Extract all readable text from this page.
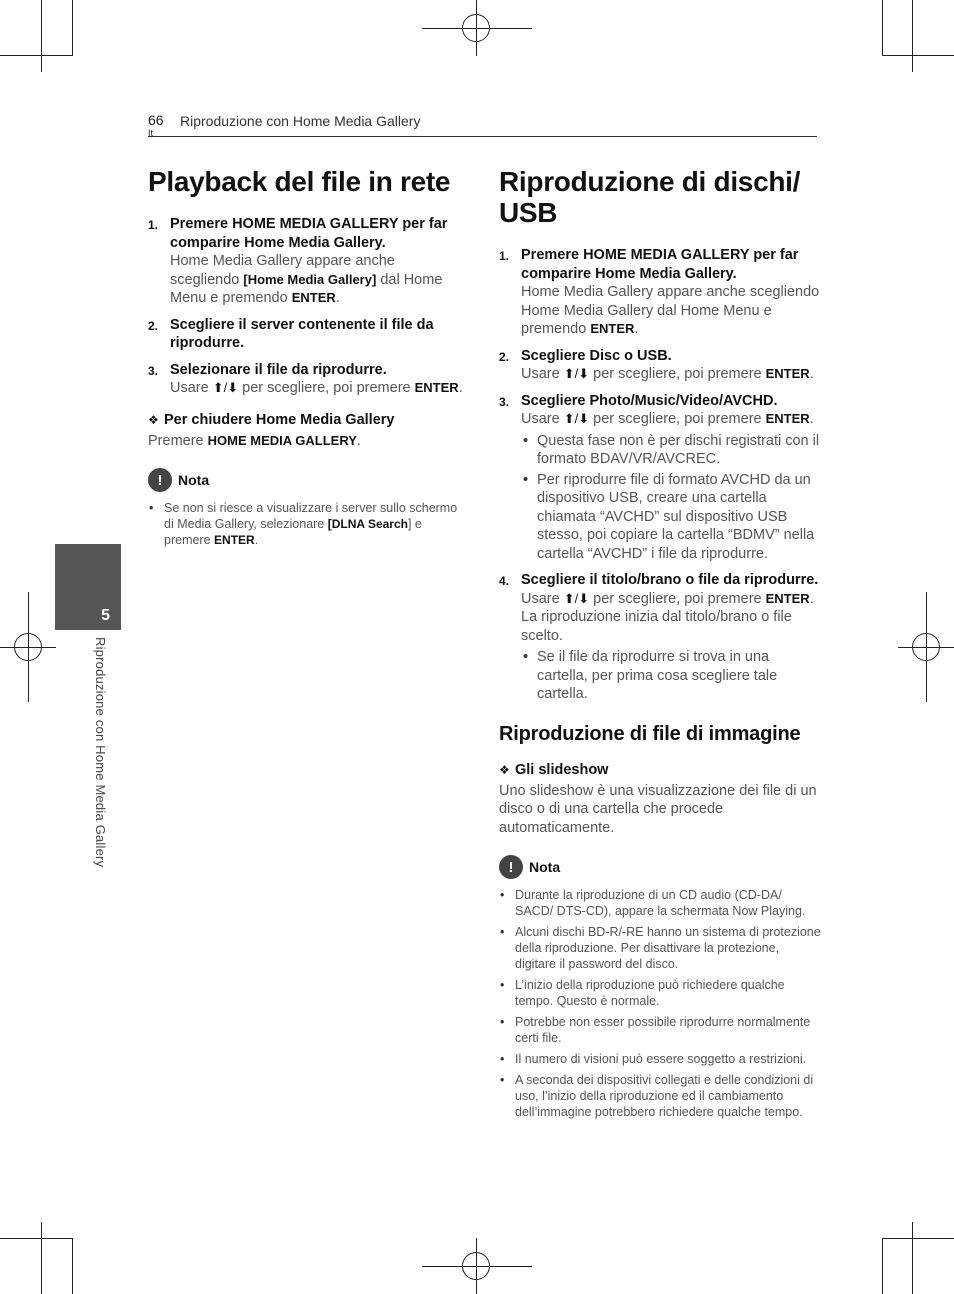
66
It
Riproduzione con Home Media Gallery
5
Riproduzione con Home Media Gallery
Playback del file in rete
1. Premere HOME MEDIA GALLERY per far comparire Home Media Gallery.
Home Media Gallery appare anche scegliendo [Home Media Gallery] dal Home Menu e premendo ENTER.
2. Scegliere il server contenente il file da riprodurre.
3. Selezionare il file da riprodurre.
Usare ⬆/⬇ per scegliere, poi premere ENTER.
❖ Per chiudere Home Media Gallery
Premere HOME MEDIA GALLERY.
!	Nota
• Se non si riesce a visualizzare i server sullo schermo di Media Gallery, selezionare [DLNA Search] e premere ENTER.
Riproduzione di dischi/ USB
1. Premere HOME MEDIA GALLERY per far comparire Home Media Gallery.
Home Media Gallery appare anche scegliendo Home Media Gallery dal Home Menu e premendo ENTER.
2. Scegliere Disc o USB.
Usare ⬆/⬇ per scegliere, poi premere ENTER.
3. Scegliere Photo/Music/Video/AVCHD.
Usare ⬆/⬇ per scegliere, poi premere ENTER.
• Questa fase non è per dischi registrati con il formato BDAV/VR/AVCREC.
• Per riprodurre file di formato AVCHD da un dispositivo USB, creare una cartella chiamata “AVCHD” sul dispositivo USB stesso, poi copiare la cartella “BDMV” nella cartella “AVCHD” i file da riprodurre.
4. Scegliere il titolo/brano o file da riprodurre.
Usare ⬆/⬇ per scegliere, poi premere ENTER.
La riproduzione inizia dal titolo/brano o file scelto.
• Se il file da riprodurre si trova in una cartella, per prima cosa scegliere tale cartella.
Riproduzione di file di immagine
❖ Gli slideshow
Uno slideshow è una visualizzazione dei file di un disco o di una cartella che procede automaticamente.
!	Nota
• Durante la riproduzione di un CD audio (CD-DA/ SACD/ DTS-CD), appare la schermata Now Playing.
• Alcuni dischi BD-R/-RE hanno un sistema di protezione della riproduzione. Per disattivare la protezione, digitare il password del disco.
• L’inizio della riproduzione può richiedere qualche tempo. Questo è normale.
• Potrebbe non esser possibile riprodurre normalmente certi file.
• Il numero di visioni può essere soggetto a restrizioni.
• A seconda dei dispositivi collegati e delle condizioni di uso, l’inizio della riproduzione ed il cambiamento dell’immagine potrebbero richiedere qualche tempo.
